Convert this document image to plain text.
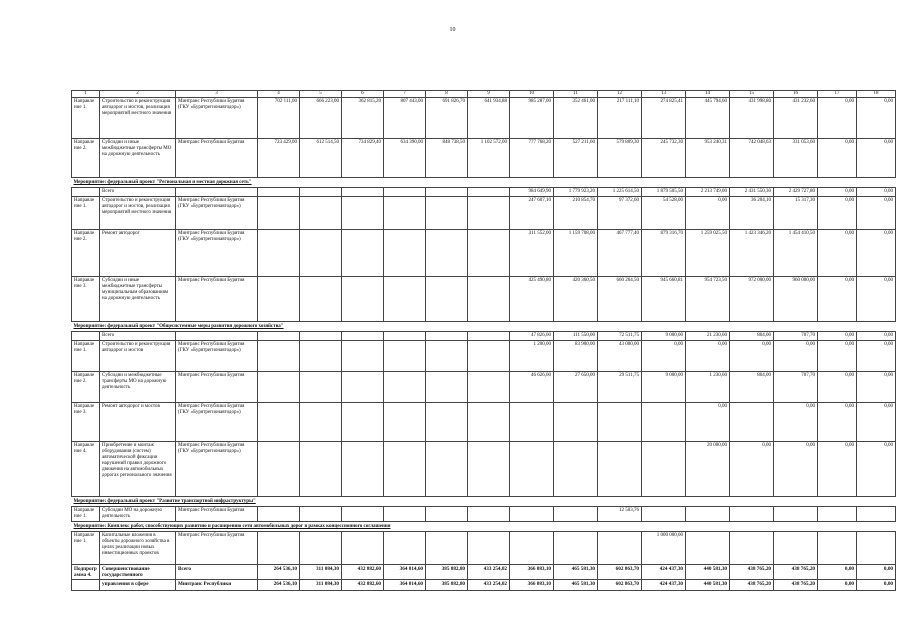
10
1	2	3	4	5	6	7	8	9	10	11	12	13	14	15	16	17	18
Направле ние 1.	Строительство и реконструкция автодорог и мостов, реализация мероприятий местного значения	Минтранс Республики Бурятия (ГКУ «Бурятрегионавтодор»)	702 111,00	666 223,00	362 815,20	807 443,00	691 826,70	641 934,88	985 287,00	352 461,00	217 111,10	274 825,41	445 794,60	431 998,80	431 232,60	0,00	0,00
Направле ние 2.	Субсидии и иные межбюджетные трансферты МО на дорожную деятельность	Минтранс Республики Бурятия	723 429,00	612 514,50	734 829,40	634 390,00	848 738,50	1 102 572,00	777 768,20	527 211,60	579 809,30	245 732,30	953 240,31	742 048,63	331 053,60	0,00	0,00
Мероприятие: федеральный проект "Региональная и местная дорожная сеть"																	
	Всего								984 649,90	1 779 923,20	1 225 614,50	1 879 505,50	2 213 749,00	2 431 550,30	2 429 727,80	0,00	0,00
Направле ние 1.	Строительство и реконструкция автодорог и мостов, реализация мероприятий местного значения	Минтранс Республики Бурятия (ГКУ «Бурятрегионавтодор»)							247 607,10	210 854,70	97 372,60	54 528,00	0,00	36 204,10	15 317,30	0,00	0,00
Направле ние 2.	Ремонт автодорог	Минтранс Республики Бурятия (ГКУ «Бурятрегионавтодор»)							311 552,00	1 159 708,00	467 777,40	879 316,70	1 259 025,50	1 423 346,20	1 454 410,50	0,00	0,00
Направле ние 3.	Субсидии и иные межбюджетные трансферты муниципальным образованиям на дорожную деятельность	Минтранс Республики Бурятия							425 490,80	420 360,50	660 264,50	945 660,81	954 723,50	972 000,00	960 000,00	0,00	0,00
Мероприятие: федеральный проект "Общесистемные меры развития дорожного хозяйства"																	
	Всего								47 826,00	111 550,00	72 511,75	9 000,00	21 230,60	804,00	707,70	0,00	0,00
Направле ние 1.	Строительство и реконструкция автодорог и мостов	Минтранс Республики Бурятия (ГКУ «Бурятрегионавтодор»)							1 200,00	83 900,00	43 000,00	0,00	0,00	0,00	0,00	0,00	0,00
Направле ние 2.	Субсидии и межбюджетные трансферты МО на дорожную деятельность	Минтранс Республики Бурятия							46 626,00	27 650,00	29 511,75	9 000,00	1 230,60	804,00	707,70	0,00	0,00
Направле ние 3.	Ремонт автодорог и мостов	Минтранс Республики Бурятия (ГКУ «Бурятрегионавтодор»)											0,00		0,00	0,00	0,00
Направле ние 4.	Приобретение и монтаж оборудования (систем) автоматической фиксации нарушений правил дорожного движения на автомобильных дорогах регионального значения	Минтранс Республики Бурятия (ГКУ «Бурятрегионавтодор»)											20 000,00	0,00	0,00	0,00	0,00
Мероприятие: федеральный проект "Развитие транспортной инфраструктуры"																	
Направле ние 1.	Субсидии МО на дорожную деятельность	Минтранс Республики Бурятия									12 503,76						
Мероприятие: Комплекс работ, способствующих развитию и расширению сети автомобильных дорог в рамках концессионного соглашения																	
Направле ние 1.	Капитальные вложения в объекты дорожного хозяйства в целях реализации новых инвестиционных проектов	Минтранс Республики Бурятия										1 000 000,00					
Подпрогр амма 4.	Совершенствование государственного	Всего	264 536,10	311 084,30	432 882,60	364 014,60	385 882,80	433 254,02	366 083,10	465 581,30	602 863,70	424 437,30	440 581,30	438 765,20	438 765,20	0,00	0,00
	управления в сфере	Минтранс Республики	264 536,10	311 084,30	432 882,60	364 014,60	385 882,80	433 254,02	366 083,10	465 581,30	602 863,70	424 437,30	440 581,30	438 765,20	438 765,20	0,00	0,00
